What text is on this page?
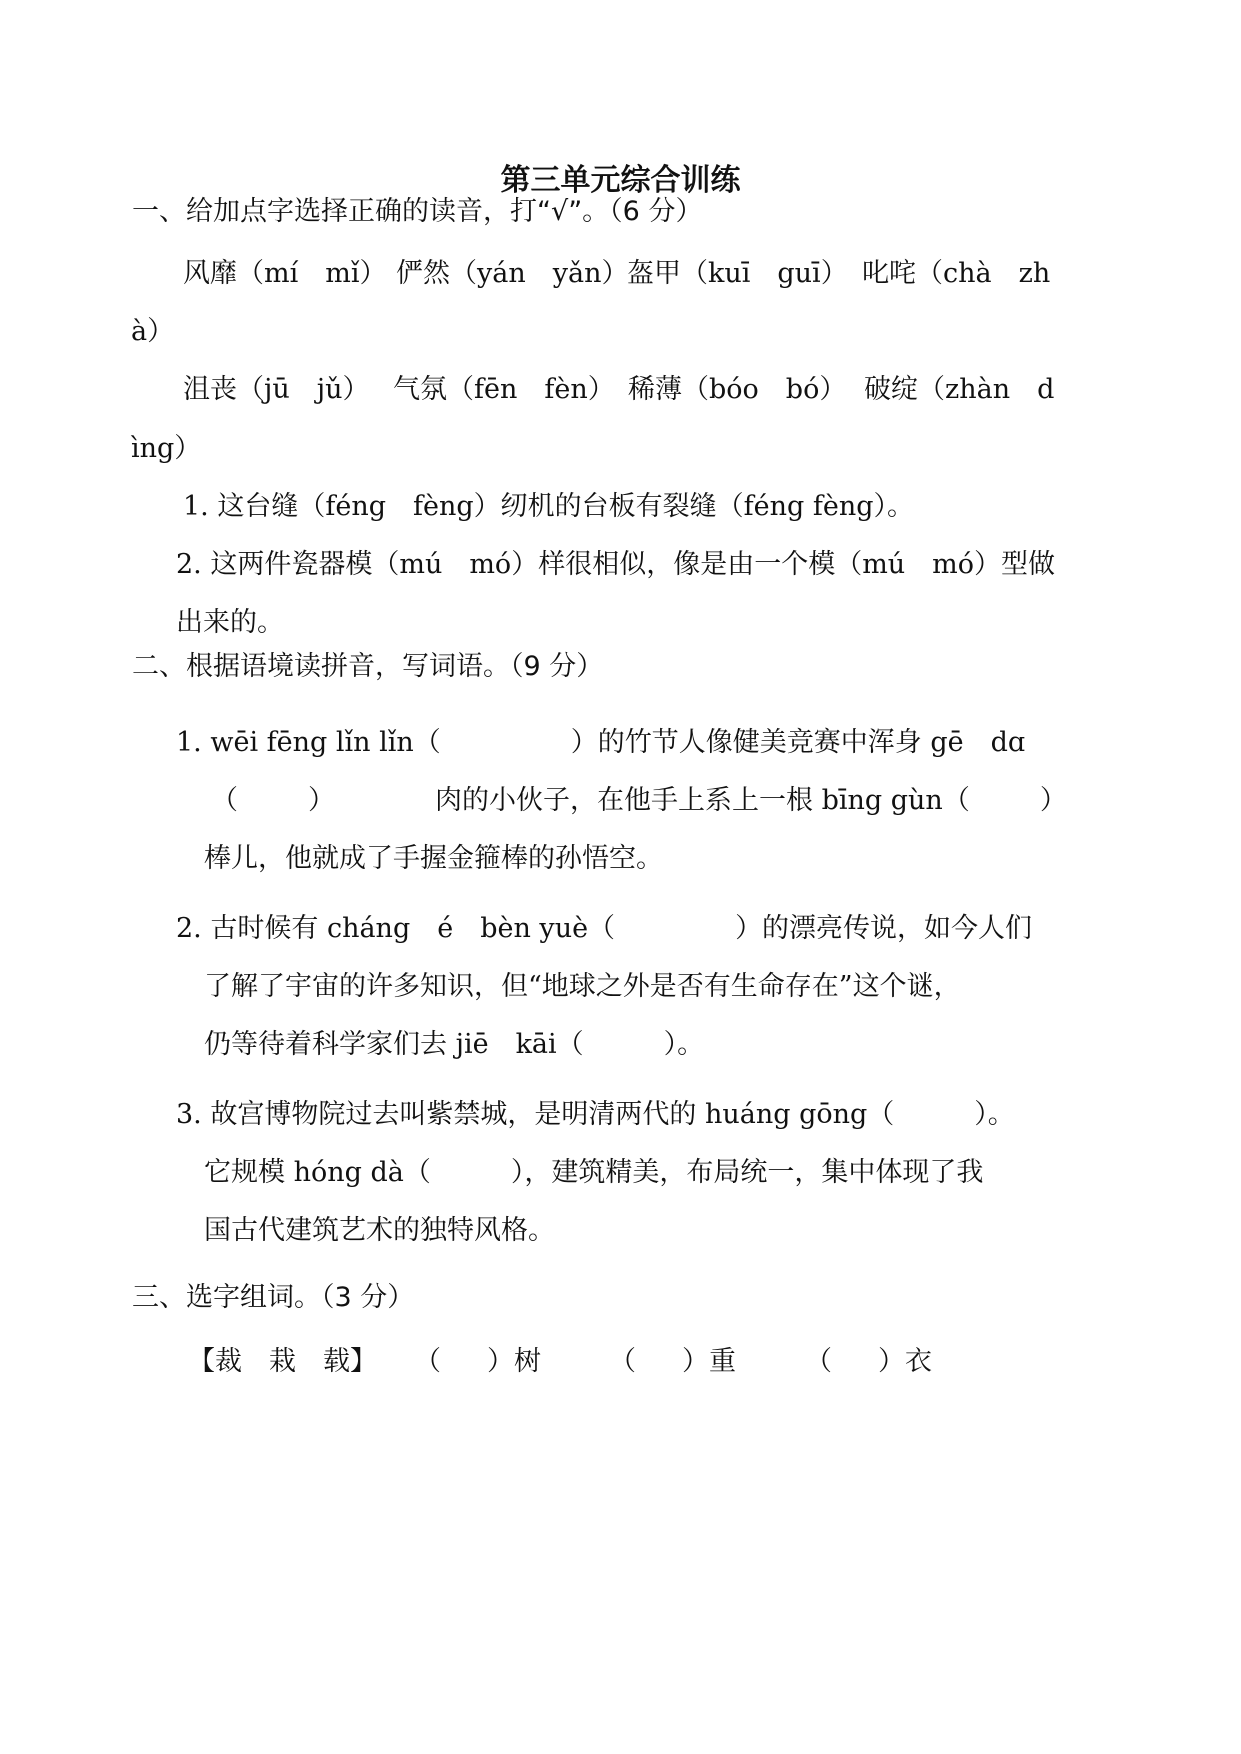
第三单元综合训练
一、给加点字选择正确的读音，打“√”。（6 分）
风靡（mí　mǐ） 俨然（yán　yǎn）
盔甲（kuī　guī） 叱咤（chà　zh
à）
沮丧（jū　jǔ） 气氛（fēn　fèn） 稀薄（bóo　bó） 破绽（zhàn　d
ìng）
1. 这台缝（féng　fèng）纫机的台板有裂缝（féng fèng）。
2. 这两件瓷器模（mú　mó）样很相似，像是由一个模（mú　mó）型做
出来的。
二、根据语境读拼音，写词语。（9 分）
1. wēi fēng lǐn lǐn（	）的竹节人像健美竞赛中浑身 gē　dɑ
（	）	肉的小伙子，在他手上系上一根 bīng gùn（	）
棒儿，他就成了手握金箍棒的孙悟空。
2. 古时候有 cháng　é　bèn yuè（	）的漂亮传说，如今人们
了解了宇宙的许多知识，但“地球之外是否有生命存在”这个谜，
仍等待着科学家们去 jiē　kāi（	）。
3. 故宫博物院过去叫紫禁城，是明清两代的 huáng gōng（	）。
它规模 hóng dà（	），建筑精美，布局统一，集中体现了我
国古代建筑艺术的独特风格。
三、选字组词。（3 分）
【裁　栽　载】 （ ）树	（ ）重	（ ）衣
